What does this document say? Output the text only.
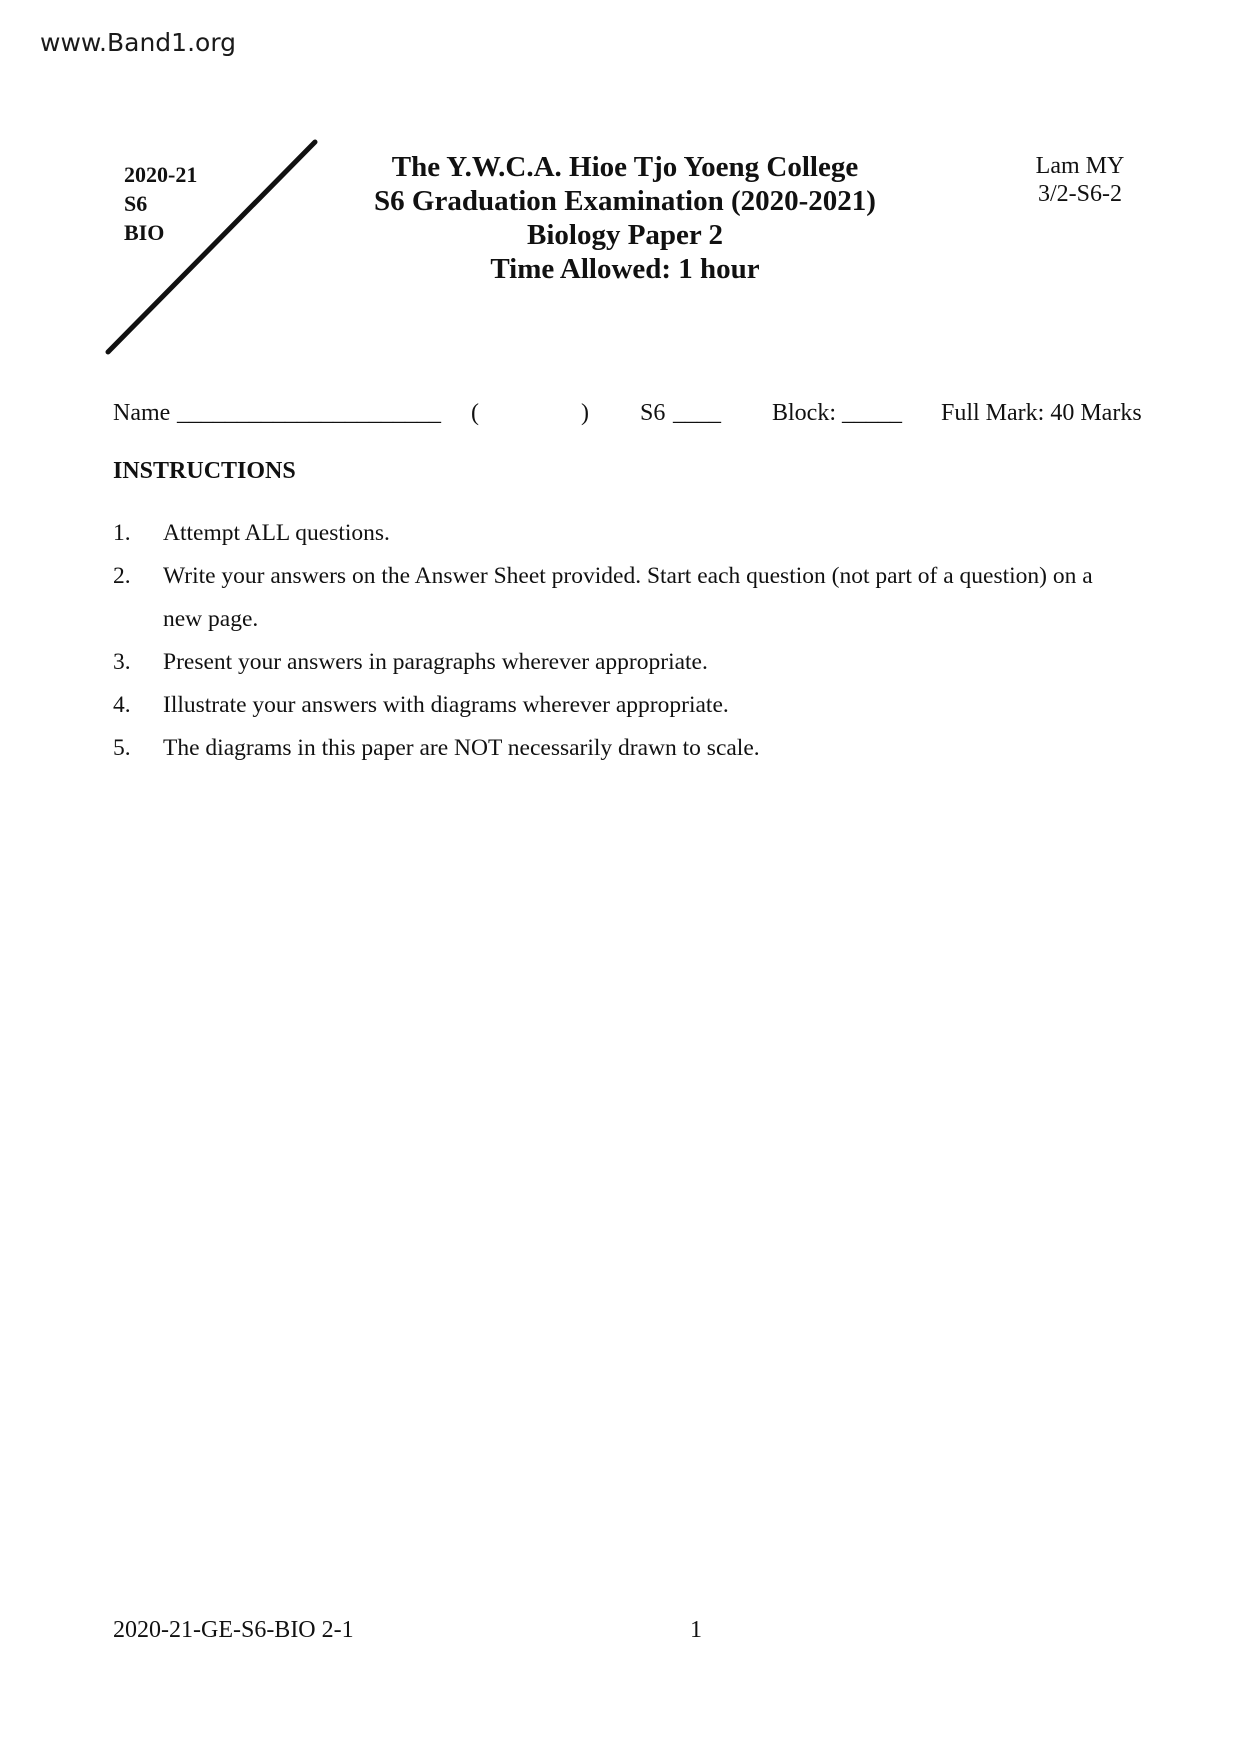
www.Band1.org
2020-21
S6
BIO
The Y.W.C.A. Hioe Tjo Yoeng College
S6 Graduation Examination (2020-2021)
Biology Paper 2
Time Allowed: 1 hour
Lam MY
3/2-S6-2
Name ______________________ (	) S6 ____ Block: _____ Full Mark: 40 Marks
INSTRUCTIONS
1. Attempt ALL questions.
2. Write your answers on the Answer Sheet provided. Start each question (not part of a question) on a new page.
3. Present your answers in paragraphs wherever appropriate.
4. Illustrate your answers with diagrams wherever appropriate.
5. The diagrams in this paper are NOT necessarily drawn to scale.
2020-21-GE-S6-BIO 2-1	1
